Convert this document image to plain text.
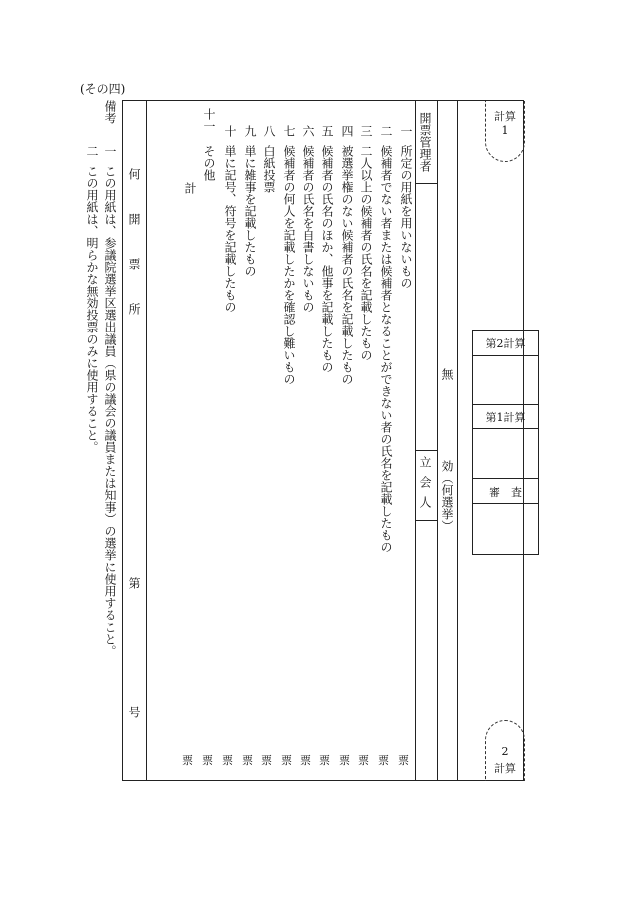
(その四)
備考
一
この用紙は、参議院選挙区選出議員（県の議会の議員または知事）の選挙に使用すること。
二
この用紙は、明らかな無効投票のみに使用すること。 何
開
票
所
第
号
計
一
所定の用紙を用いないもの
二
候補者でない者または候補者となることができない者の氏名を記載したもの
三
二人以上の候補者の氏名を記載したもの
四
被選挙権のない候補者の氏名を記載したもの
五
候補者の氏名のほか、他事を記載したもの
六
候補者の氏名を自書しないもの
七
候補者の何人を記載したかを確認し難いもの
八
白紙投票
九
単に雑事を記載したもの
十
単に記号、符号を記載したもの
十一
その他
票
票
票
票
票
票
票
票
票
票
票
票
開票管理者
立会人
無
効（何選挙）
第2計算
第1計算
審　査
計算
1
2
計算
